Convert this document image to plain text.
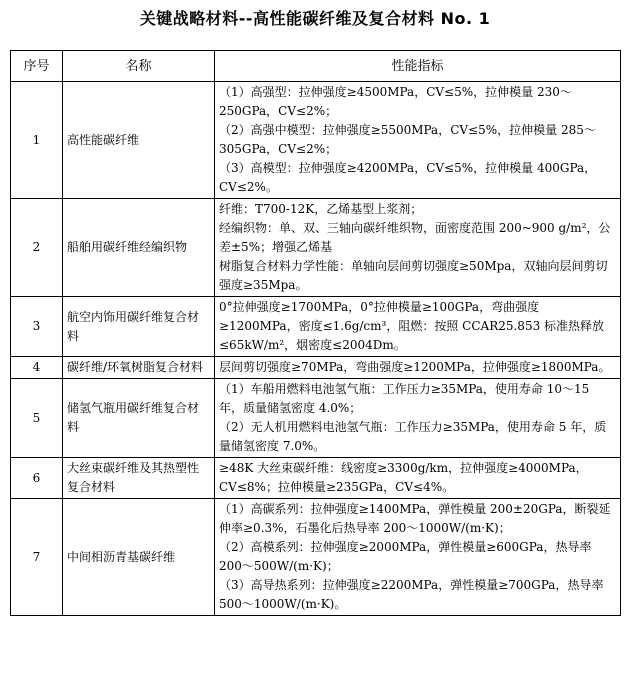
关键战略材料--高性能碳纤维及复合材料 No. 1
序号	名称	性能指标
1	高性能碳纤维	（1）高强型：拉伸强度≥4500MPa，CV≤5%，拉伸模量 230～250GPa，CV≤2%；
（2）高强中模型：拉伸强度≥5500MPa，CV≤5%，拉伸模量 285～305GPa，CV≤2%；
（3）高模型：拉伸强度≥4200MPa，CV≤5%，拉伸模量 400GPa，CV≤2%。

2	船舶用碳纤维经编织物	纤维：T700-12K，乙烯基型上浆剂；
经编织物：单、双、三轴向碳纤维织物，面密度范围 200~900 g/m²，公差±5%；增强乙烯基
树脂复合材料力学性能：单轴向层间剪切强度≥50Mpa，双轴向层间剪切强度≥35Mpa。

3	航空内饰用碳纤维复合材料	0°拉伸强度≥1700MPa，0°拉伸模量≥100GPa，弯曲强度≥1200MPa，密度≤1.6g/cm³，阻燃：按照 CCAR25.853 标准热释放≤65kW/m²，烟密度≤2004Dm。

4	碳纤维/环氧树脂复合材料	层间剪切强度≥70MPa，弯曲强度≥1200MPa，拉伸强度≥1800MPa。

5	储氢气瓶用碳纤维复合材料	（1）车船用燃料电池氢气瓶：工作压力≥35MPa，使用寿命 10～15 年，质量储氢密度 4.0%；
（2）无人机用燃料电池氢气瓶：工作压力≥35MPa，使用寿命 5 年，质量储氢密度 7.0%。

6	大丝束碳纤维及其热塑性复合材料	≥48K 大丝束碳纤维：线密度≥3300g/km，拉伸强度≥4000MPa，CV≤8%；拉伸模量≥235GPa，CV≤4%。

7	中间相沥青基碳纤维	（1）高碳系列：拉伸强度≥1400MPa，弹性模量 200±20GPa，断裂延伸率≥0.3%，石墨化后热导率 200～1000W/(m·K)；
（2）高模系列：拉伸强度≥2000MPa，弹性模量≥600GPa，热导率 200～500W/(m·K)；
（3）高导热系列：拉伸强度≥2200MPa，弹性模量≥700GPa，热导率 500～1000W/(m·K)。
